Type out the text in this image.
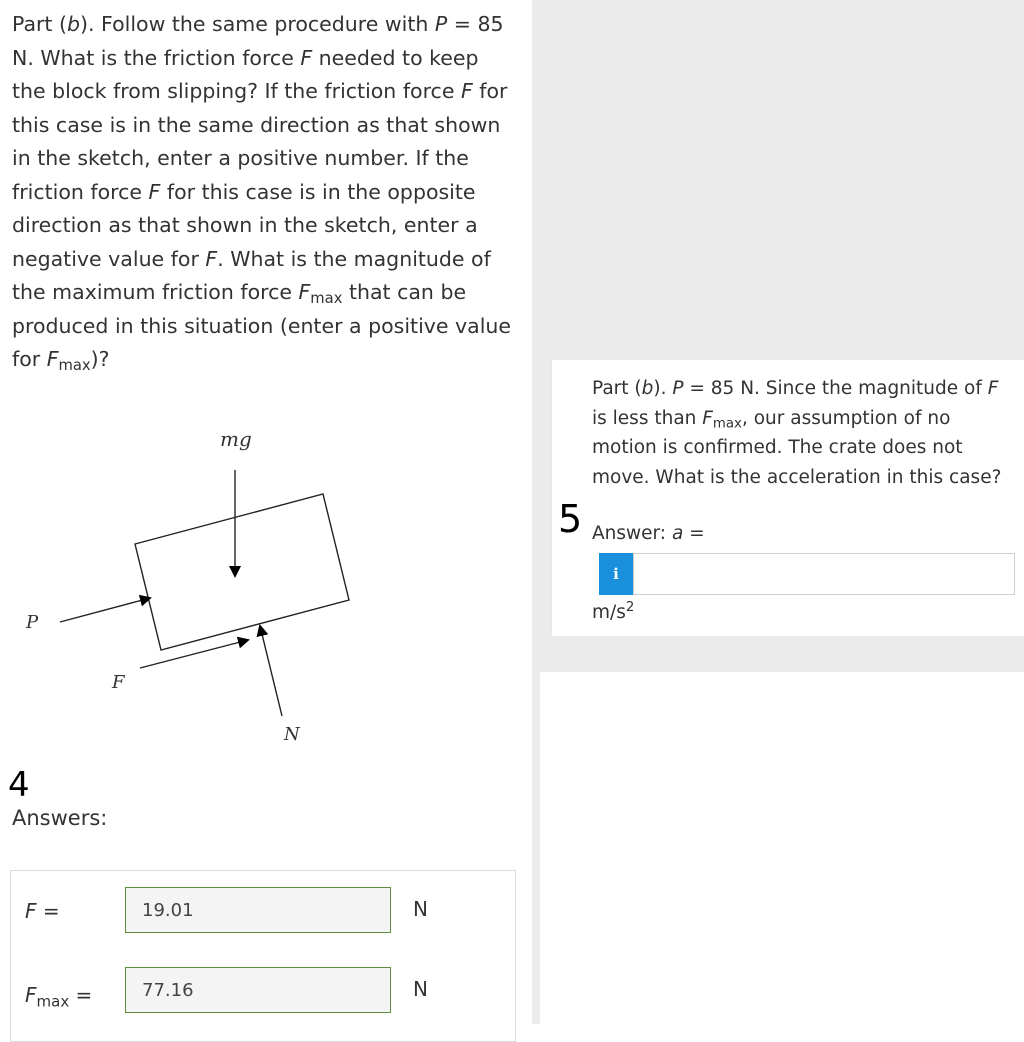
Part (b). Follow the same procedure with P = 85 N. What is the friction force F needed to keep the block from slipping? If the friction force F for this case is in the same direction as that shown in the sketch, enter a positive number. If the friction force F for this case is in the opposite direction as that shown in the sketch, enter a negative value for F. What is the magnitude of the maximum friction force $F_{max}$ that can be produced in this situation (enter a positive value for $F_{max}$)?

mg
P
F
N
4
Answers:
F =	19.01	N
$F_{max}$ =	77.16	N

Part (b). P = 85 N. Since the magnitude of F is less than $F_{max}$, our assumption of no motion is confirmed. The crate does not move. What is the acceleration in this case?

5 Answer: a =
i
$m/s^2$
